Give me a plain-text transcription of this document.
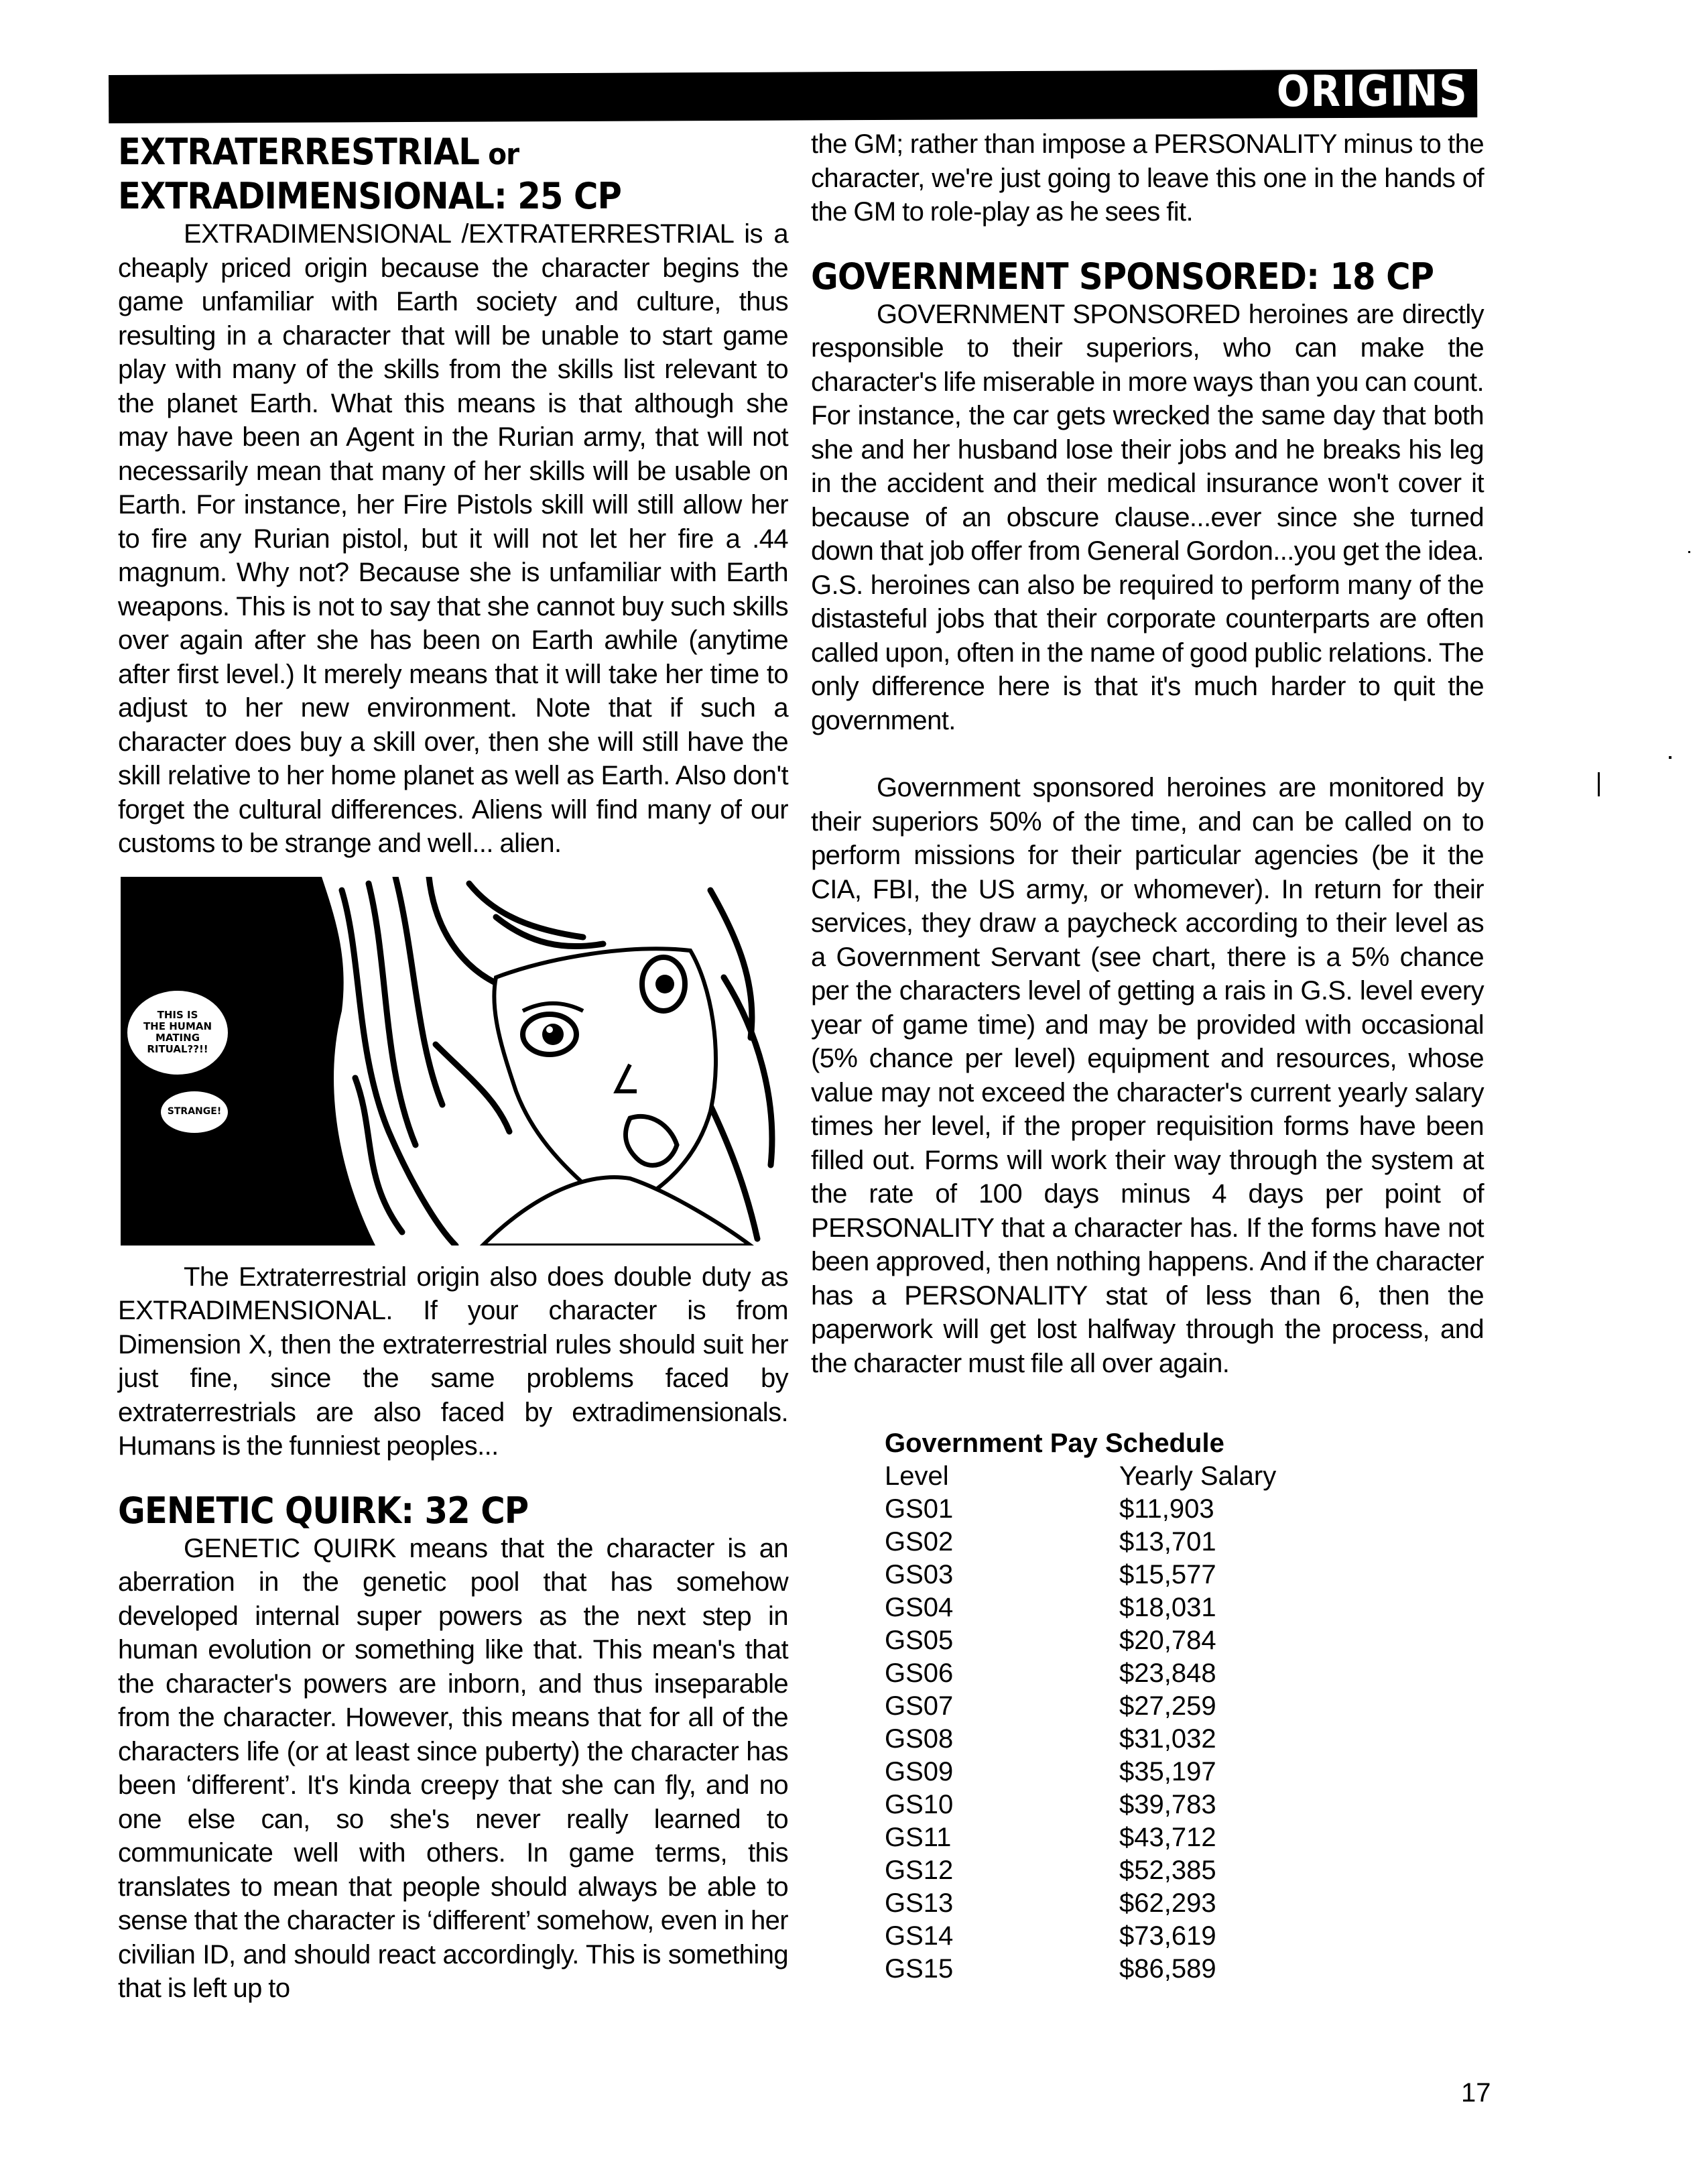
ORIGINS
EXTRATERRESTRIAL or
EXTRADIMENSIONAL: 25 CP

EXTRADIMENSIONAL /EXTRATERRESTRIAL is a cheaply priced origin because the character begins the game unfamiliar with Earth society and culture, thus resulting in a character that will be unable to start game play with many of the skills from the skills list relevant to the planet Earth. What this means is that although she may have been an Agent in the Rurian army, that will not necessarily mean that many of her skills will be usable on Earth. For instance, her Fire Pistols skill will still allow her to fire any Rurian pistol, but it will not let her fire a .44 magnum. Why not? Because she is unfamiliar with Earth weapons. This is not to say that she cannot buy such skills over again after she has been on Earth awhile (anytime after first level.) It merely means that it will take her time to adjust to her new environment. Note that if such a character does buy a skill over, then she will still have the skill relative to her home planet as well as Earth. Also don't forget the cultural differences. Aliens will find many of our customs to be strange and well... alien.

THIS IS
THE HUMAN
MATING
RITUAL??!!
STRANGE!

The Extraterrestrial origin also does double duty as EXTRADIMENSIONAL. If your character is from Dimension X, then the extraterrestrial rules should suit her just fine, since the same problems faced by extraterrestrials are also faced by extradimensionals. Humans is the funniest peoples...

GENETIC QUIRK: 32 CP

GENETIC QUIRK means that the character is an aberration in the genetic pool that has somehow developed internal super powers as the next step in human evolution or something like that. This mean's that the character's powers are inborn, and thus inseparable from the character. However, this means that for all of the characters life (or at least since puberty) the character has been ‘different’. It's kinda creepy that she can fly, and no one else can, so she's never really learned to communicate well with others. In game terms, this translates to mean that people should always be able to sense that the character is ‘different’ somehow, even in her civilian ID, and should react accordingly. This is something that is left up to

the GM; rather than impose a PERSONALITY minus to the character, we're just going to leave this one in the hands of the GM to role-play as he sees fit.

GOVERNMENT SPONSORED: 18 CP

GOVERNMENT SPONSORED heroines are directly responsible to their superiors, who can make the character's life miserable in more ways than you can count. For instance, the car gets wrecked the same day that both she and her husband lose their jobs and he breaks his leg in the accident and their medical insurance won't cover it because of an obscure clause...ever since she turned down that job offer from General Gordon...you get the idea. G.S. heroines can also be required to perform many of the distasteful jobs that their corporate counterparts are often called upon, often in the name of good public relations. The only difference here is that it's much harder to quit the government.

Government sponsored heroines are monitored by their superiors 50% of the time, and can be called on to perform missions for their particular agencies (be it the CIA, FBI, the US army, or whomever). In return for their services, they draw a paycheck according to their level as a Government Servant (see chart, there is a 5% chance per the characters level of getting a rais in G.S. level every year of game time) and may be provided with occasional (5% chance per level) equipment and resources, whose value may not exceed the character's current yearly salary times her level, if the proper requisition forms have been filled out. Forms will work their way through the system at the rate of 100 days minus 4 days per point of PERSONALITY that a character has. If the forms have not been approved, then nothing happens. And if the character has a PERSONALITY stat of less than 6, then the paperwork will get lost halfway through the process, and the character must file all over again.

Government Pay Schedule
Level	Yearly Salary
GS01	$11,903
GS02	$13,701
GS03	$15,577
GS04	$18,031
GS05	$20,784
GS06	$23,848
GS07	$27,259
GS08	$31,032
GS09	$35,197
GS10	$39,783
GS11	$43,712
GS12	$52,385
GS13	$62,293
GS14	$73,619
GS15	$86,589
17
